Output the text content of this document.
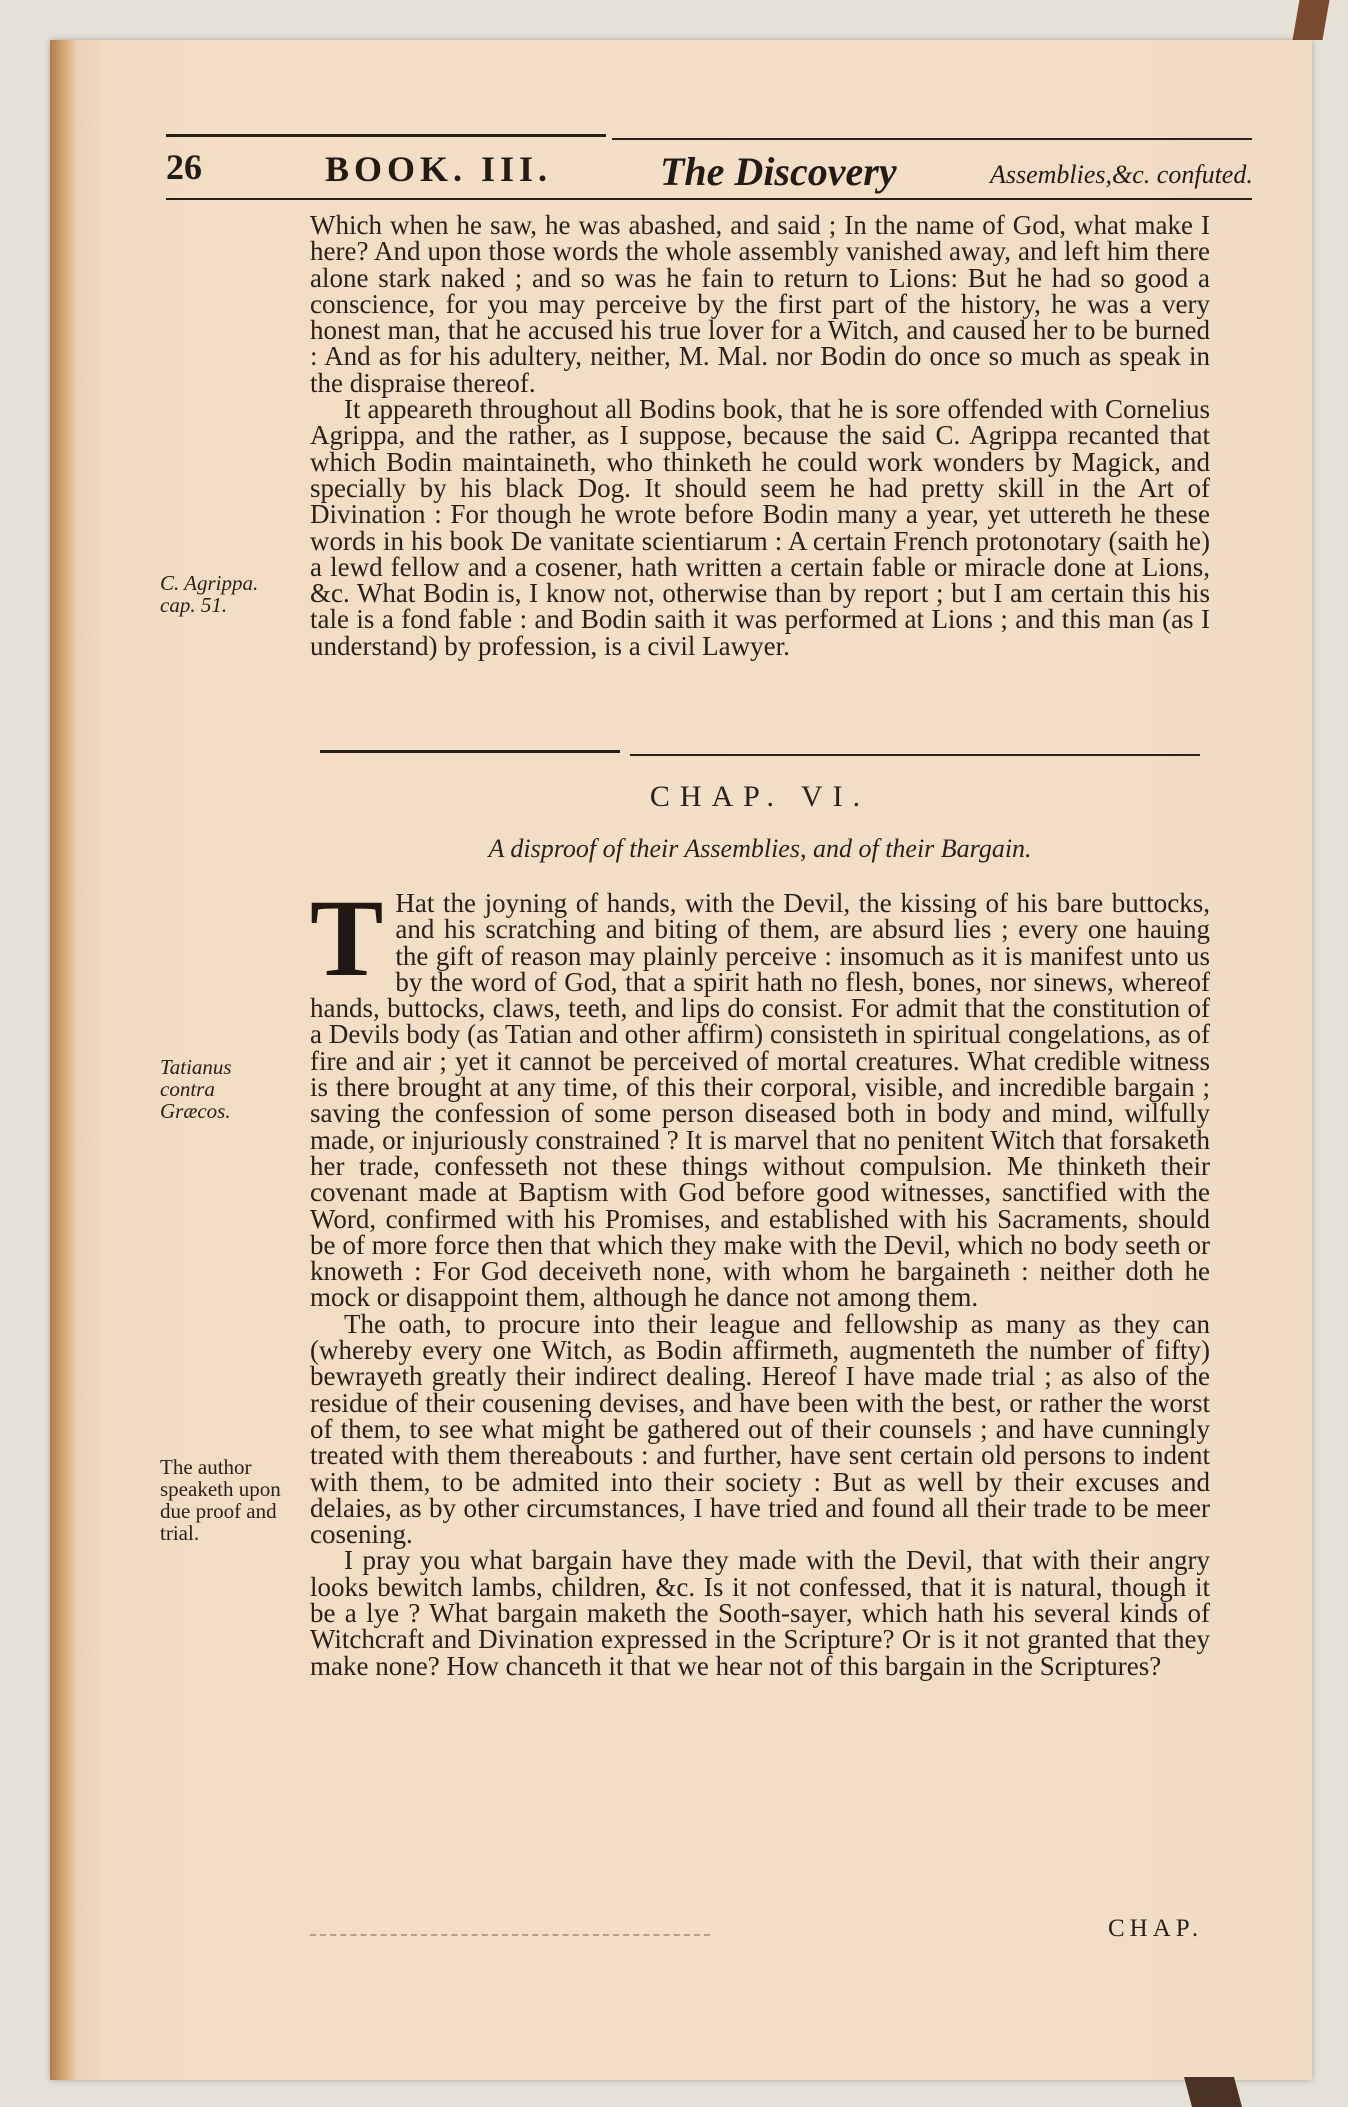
26	BOOK. III.	The Discovery	Assemblies,&c. confuted.

Which when he saw, he was abashed, and said ; In the name of God, what make I here? And upon those words the whole assembly vanished away, and left him there alone stark naked ; and so was he fain to return to Lions: But he had so good a conscience, for you may perceive by the first part of the history, he was a very honest man, that he accused his true lover for a Witch, and caused her to be burned : And as for his adultery, neither, M. Mal. nor Bodin do once so much as speak in the dispraise thereof.

It appeareth throughout all Bodins book, that he is sore offended with Cornelius Agrippa, and the rather, as I suppose, because the said C. Agrippa recanted that which Bodin maintaineth, who thinketh he could work wonders by Magick, and specially by his black Dog. It should seem he had pretty skill in the Art of Divination : For though he wrote before Bodin many a year, yet uttereth he these words in his book De vanitate scientiarum : A certain French protonotary (saith he) a lewd fellow and a cosener, hath written a certain fable or miracle done at Lions, &c. What Bodin is, I know not, otherwise than by report ; but I am certain this his tale is a fond fable : and Bodin saith it was performed at Lions ; and this man (as I understand) by profession, is a civil Lawyer.

CHAP. VI.
A disproof of their Assemblies, and of their Bargain.

T Hat the joyning of hands, with the Devil, the kissing of his bare buttocks, and his scratching and biting of them, are absurd lies ; every one hauing the gift of reason may plainly perceive : insomuch as it is manifest unto us by the word of God, that a spirit hath no flesh, bones, nor sinews, whereof hands, buttocks, claws, teeth, and lips do consist. For admit that the constitution of a Devils body (as Tatian and other affirm) consisteth in spiritual congelations, as of fire and air ; yet it cannot be perceived of mortal creatures. What credible witness is there brought at any time, of this their corporal, visible, and incredible bargain ; saving the confession of some person diseased both in body and mind, wilfully made, or injuriously constrained ? It is marvel that no penitent Witch that forsaketh her trade, confesseth not these things without compulsion. Me thinketh their covenant made at Baptism with God before good witnesses, sanctified with the Word, confirmed with his Promises, and established with his Sacraments, should be of more force then that which they make with the Devil, which no body seeth or knoweth : For God deceiveth none, with whom he bargaineth : neither doth he mock or disappoint them, although he dance not among them.

The oath, to procure into their league and fellowship as many as they can (whereby every one Witch, as Bodin affirmeth, augmenteth the number of fifty) bewrayeth greatly their indirect dealing. Hereof I have made trial ; as also of the residue of their cousening devises, and have been with the best, or rather the worst of them, to see what might be gathered out of their counsels ; and have cunningly treated with them thereabouts : and further, have sent certain old persons to indent with them, to be admited into their society : But as well by their excuses and delaies, as by other circumstances, I have tried and found all their trade to be meer cosening.

I pray you what bargain have they made with the Devil, that with their angry looks bewitch lambs, children, &c. Is it not confessed, that it is natural, though it be a lye ? What bargain maketh the Sooth-sayer, which hath his several kinds of Witchcraft and Divination expressed in the Scripture? Or is it not granted that they make none? How chanceth it that we hear not of this bargain in the Scriptures?

C. Agrippa. cap. 51.
Tatianus contra Græcos.
The author speaketh upon due proof and trial.
CHAP.
